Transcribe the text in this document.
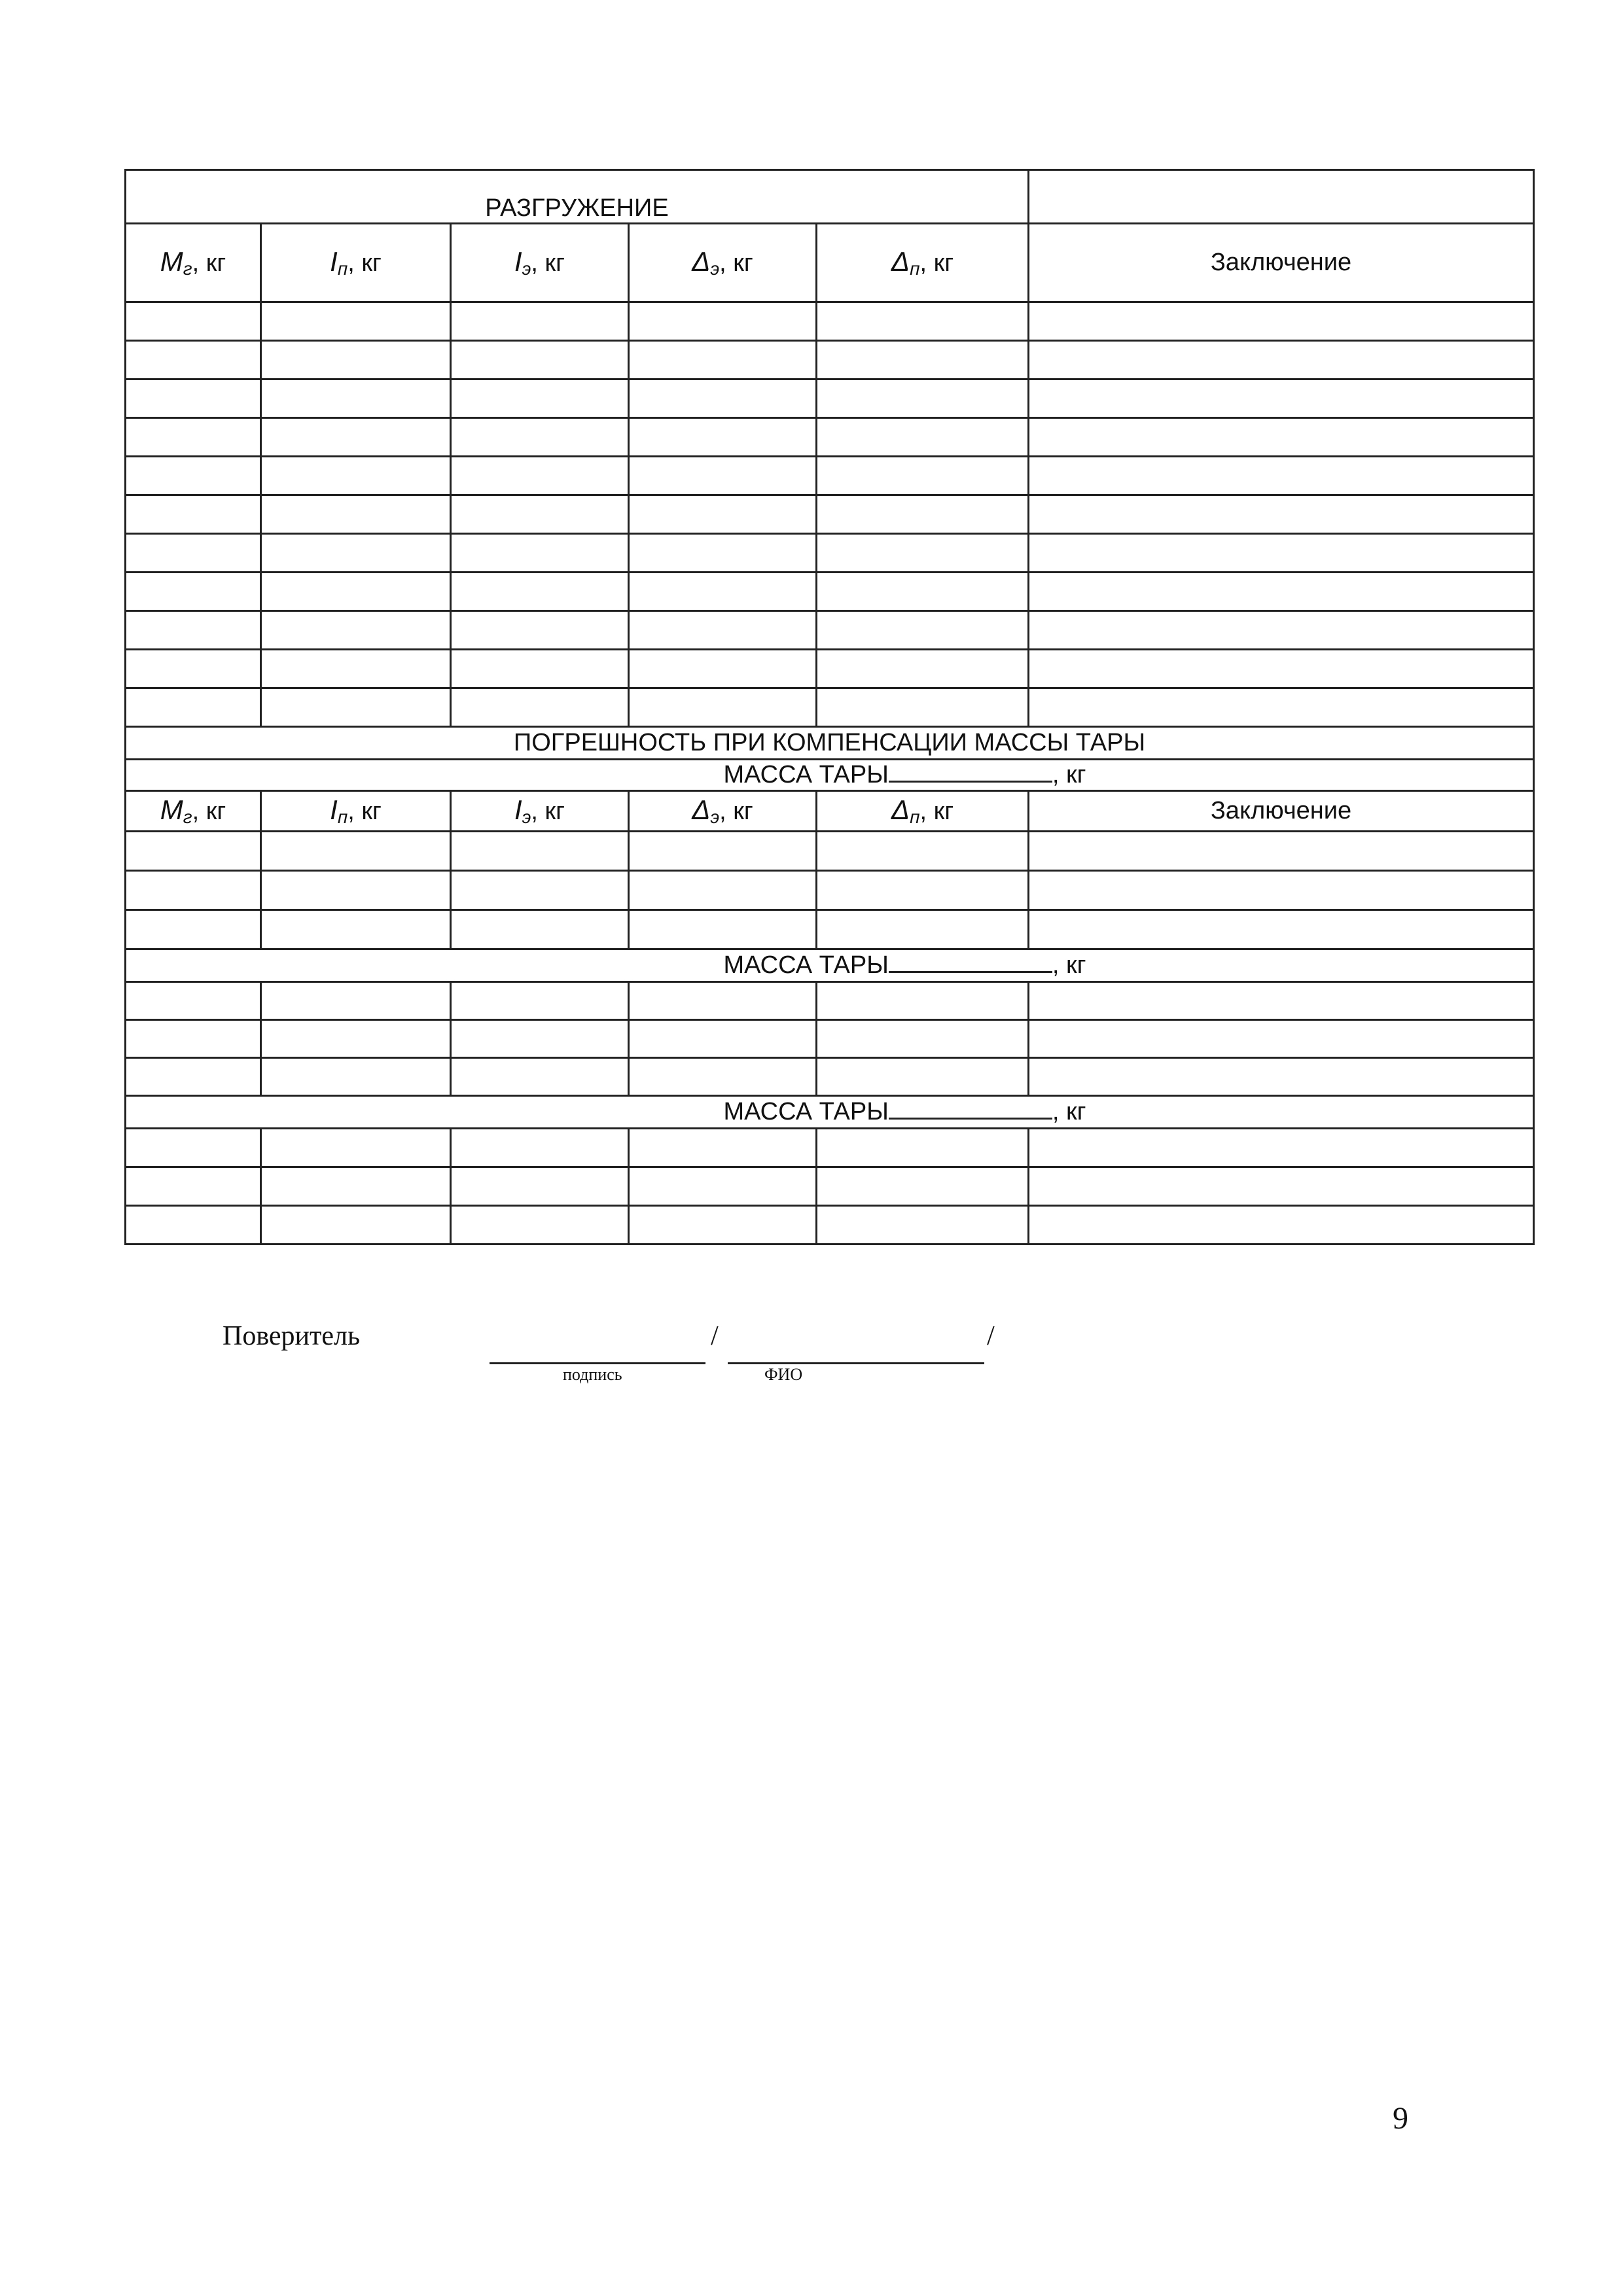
РАЗГРУЖЕНИЕ					
$M_г$, кг	$I_п$, кг	$I_э$, кг	$\Delta_э$, кг	$\Delta_п$, кг	Заключение

ПОГРЕШНОСТЬ ПРИ КОМПЕНСАЦИИ МАССЫ ТАРЫ					
МАССА ТАРЫ , кг					
$M_г$, кг	$I_п$, кг	$I_э$, кг	$\Delta_э$, кг	$\Delta_п$, кг	Заключение

МАССА ТАРЫ , кг					

МАССА ТАРЫ , кг					

Поверитель	/	/
подпись	ФИО
9
